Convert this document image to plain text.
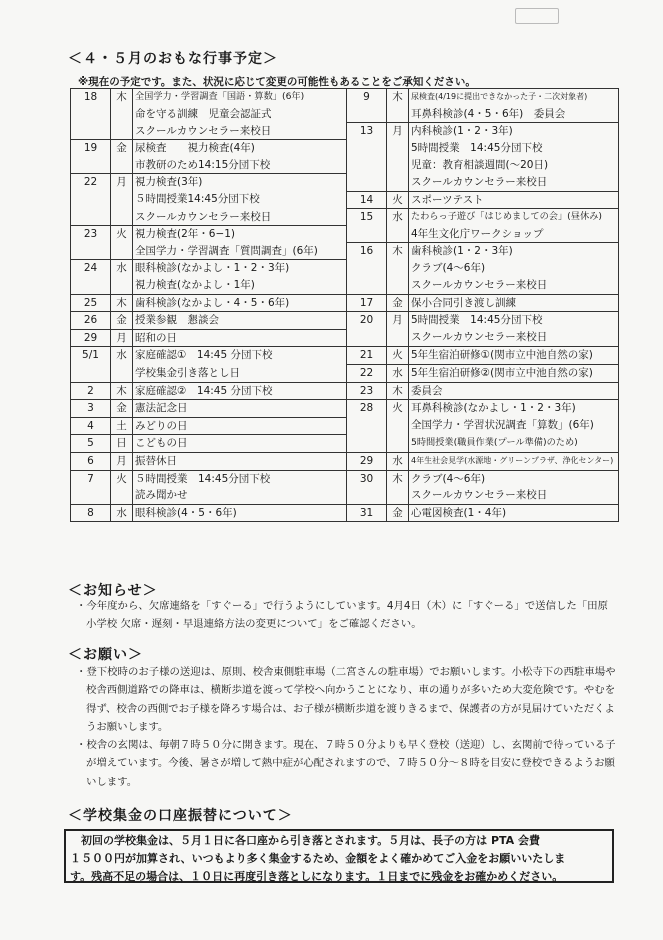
＜４・５月のおもな行事予定＞
※現在の予定です。また、状況に応じて変更の可能性もあることをご承知ください。
18	木	全国学力・学習調査「国語・算数」(6年)	9	木	尿検査(4/19に提出できなかった子・二次対象者)
		命を守る訓練　児童会認証式			耳鼻科検診(4・5・6年)　委員会
		スクールカウンセラー来校日	13	月	内科検診(1・2・3年)
19	金	尿検査　　視力検査(4年)			5時間授業　14:45分団下校
		市教研のため14:15分団下校			児童：教育相談週間(〜20日)
22	月	視力検査(3年)			スクールカウンセラー来校日
		５時間授業14:45分団下校	14	火	スポーツテスト
		スクールカウンセラー来校日	15	水	たわらっ子遊び「はじめましての会」(昼休み)
23	火	視力検査(2年・6−1)			4年生文化庁ワークショップ
		全国学力・学習調査「質問調査」(6年)	16	木	歯科検診(1・2・3年)
24	水	眼科検診(なかよし・1・2・3年)			クラブ(4〜6年)
		視力検査(なかよし・1年)			スクールカウンセラー来校日
25	木	歯科検診(なかよし・4・5・6年)	17	金	保小合同引き渡し訓練
26	金	授業参観　懇談会	20	月	5時間授業　14:45分団下校
29	月	昭和の日			スクールカウンセラー来校日
5/1	水	家庭確認①　14:45 分団下校	21	火	5年生宿泊研修①(関市立中池自然の家)
		学校集金引き落とし日	22	水	5年生宿泊研修②(関市立中池自然の家)
2	木	家庭確認②　14:45 分団下校	23	木	委員会
3	金	憲法記念日	28	火	耳鼻科検診(なかよし・1・2・3年)
4	土	みどりの日			全国学力・学習状況調査「算数」(6年)
5	日	こどもの日			5時間授業(職員作業(プール準備)のため)
6	月	振替休日	29	水	4年生社会見学(水源地・グリーンプラザ、浄化センター)
7	火	５時間授業　14:45分団下校	30	木	クラブ(4〜6年)
		読み聞かせ			スクールカウンセラー来校日
8	水	眼科検診(4・5・6年)	31	金	心電図検査(1・4年)
＜お知らせ＞

・今年度から、欠席連絡を「すぐーる」で行うようにしています。4月4日（木）に「すぐーる」で送信した「田原小学校 欠席・遅刻・早退連絡方法の変更について」をご確認ください。

＜お願い＞

・登下校時のお子様の送迎は、原則、校舎東側駐車場（二宮さんの駐車場）でお願いします。小松寺下の西駐車場や校舎西側道路での降車は、横断歩道を渡って学校へ向かうことになり、車の通りが多いため大変危険です。やむを得ず、校舎の西側でお子様を降ろす場合は、お子様が横断歩道を渡りきるまで、保護者の方が見届けていただくようお願いします。

・校舎の玄関は、毎朝７時５０分に開きます。現在、７時５０分よりも早く登校（送迎）し、玄関前で待っている子が増えています。今後、暑さが増して熱中症が心配されますので、７時５０分〜８時を目安に登校できるようお願いします。

＜学校集金の口座振替について＞
　初回の学校集金は、５月１日に各口座から引き落とされます。５月は、長子の方は PTA 会費
１５００円が加算され、いつもより多く集金するため、金額をよく確かめてご入金をお願いいたしま
す。残高不足の場合は、１０日に再度引き落としになります。１日までに残金をお確かめください。
